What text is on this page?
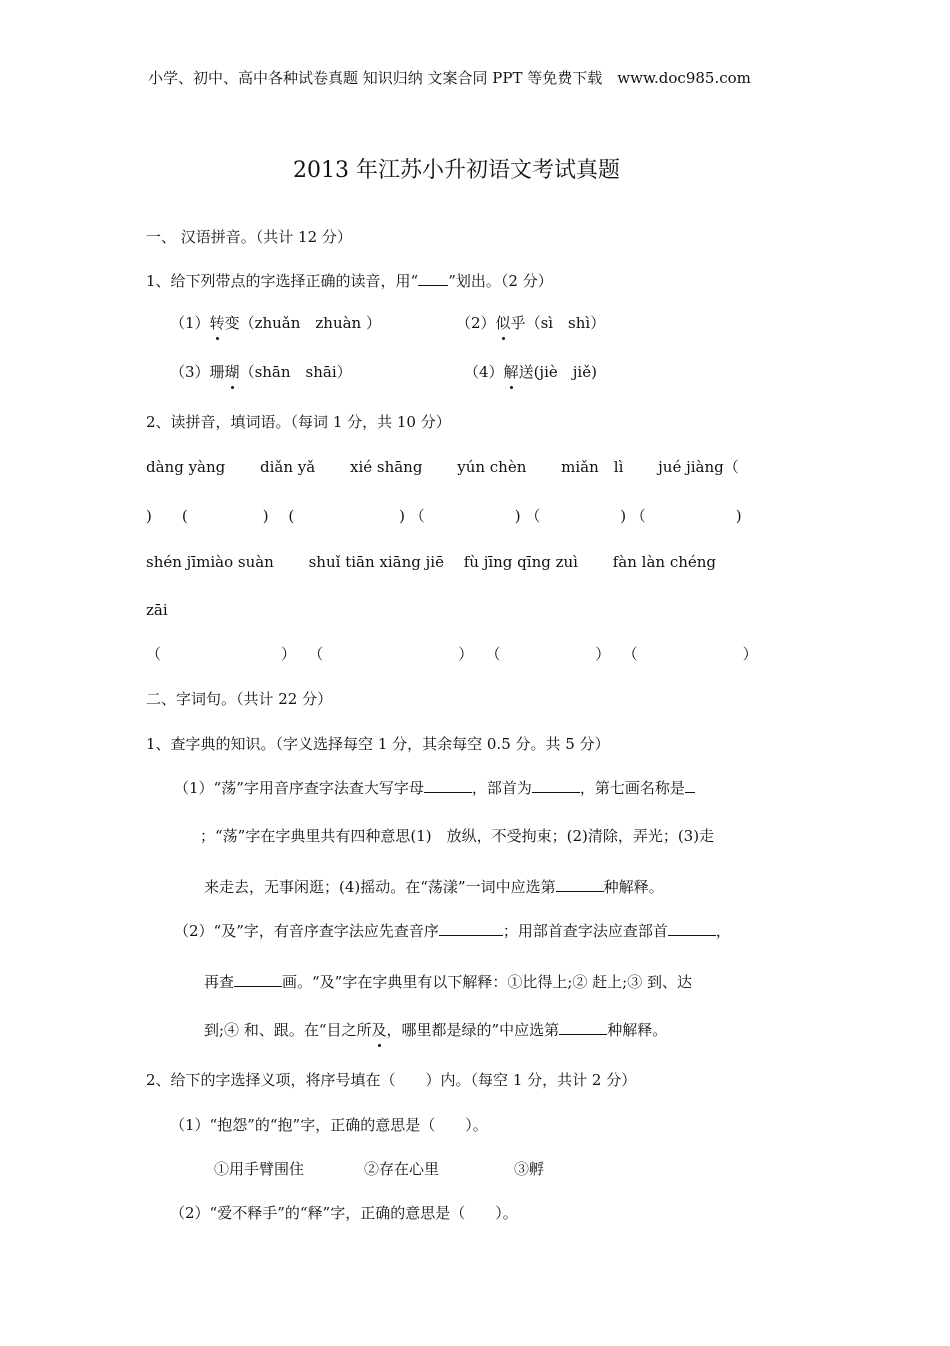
小学、初中、高中各种试卷真题 知识归纳 文案合同 PPT 等免费下载　 www.doc985.com
2013 年江苏小升初语文考试真题
一、 汉语拼音。（共计 12 分）
1、给下列带点的字选择正确的读音，用“ ”划出。（2 分）
（1）转变（zhuǎn　zhuàn ）	（2）似乎（sì　shì）
（3）珊瑚（shān　shāi）	（4）解送(jiè　jiě)
2、读拼音，填词语。（每词 1 分，共 10 分）
dàng yàng　　 diǎn yǎ　　 xié shāng　　 yún chèn　　 miǎn　lì　　 jué jiàng（
)　　(　　　　　)　 (　　　　　　　) （　　　　　　) （　　　　　 ) （　　　　　　)
shén jīmiào suàn　　 shuǐ tiān xiāng jiē　 fù jīng qīng zuì　　 fàn làn chéng
zāi
（　　　　　　　　）　 （　　　　　　　　　）　 （　　　　　　 ）　 （　　　　　　　）
二、字词句。（共计 22 分）
1、查字典的知识。（字义选择每空 1 分，其余每空 0.5 分。共 5 分）
（1）“荡”字用音序查字法查大写字母	，部首为	，第七画名称是
；“荡”字在字典里共有四种意思(1)　放纵，不受拘束；(2)清除，弄光；(3)走
来走去，无事闲逛；(4)摇动。在“荡漾”一词中应选第	种解释。
（2）“及”字，有音序查字法应先查音序	；用部首查字法应查部首	，
再查	画。“及”字在字典里有以下解释：①比得上;② 赶上;③ 到、达
到;④ 和、跟。在“目之所及，哪里都是绿的”中应选第	种解释。
2、给下的字选择义项，将序号填在（　　）内。（每空 1 分，共计 2 分）
（1）“抱怨”的“抱”字，正确的意思是（　　）。
①用手臂围住	②存在心里	③孵
（2）“爱不释手”的“释”字，正确的意思是（　　）。
